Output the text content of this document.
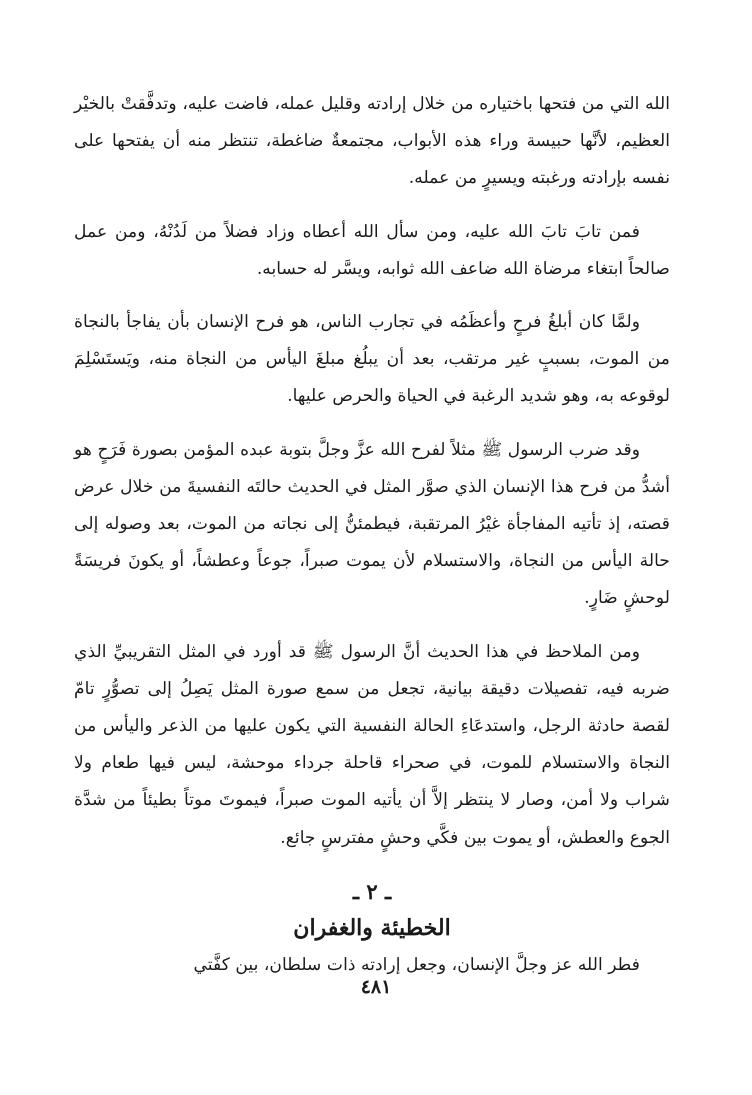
الله التي من فتحها باختياره من خلال إرادته وقليل عمله، فاضت عليه، وتدفَّقتْ بالخيْر العظيم، لأنَّها حبيسة وراء هذه الأبواب، مجتمعةٌ ضاغطة، تنتظر منه أن يفتحها على نفسه بإرادته ورغبته ويسيرٍ من عمله.

فمن تابَ تابَ الله عليه، ومن سأل الله أعطاه وزاد فضلاً من لَدُنْهُ، ومن عمل صالحاً ابتغاء مرضاة الله ضاعف الله ثوابه، ويسَّر له حسابه.

ولمَّا كان أبلغُ فرحٍ وأعظَمُه في تجارب الناس، هو فرح الإنسان بأن يفاجأ بالنجاة من الموت، بسببٍ غير مرتقب، بعد أن يبلُغ مبلغَ اليأس من النجاة منه، ويَستَسْلِمَ لوقوعه به، وهو شديد الرغبة في الحياة والحرص عليها.

وقد ضرب الرسول ﷺ مثلاً لفرح الله عزَّ وجلَّ بتوبة عبده المؤمن بصورة فَرَحٍ هو أشدُّ من فرح هذا الإنسان الذي صوَّر المثل في الحديث حالتَه النفسيةَ من خلال عرض قصته، إذ تأتيه المفاجأة غيْرُ المرتقبة، فيطمئنُّ إلى نجاته من الموت، بعد وصوله إلى حالة اليأس من النجاة، والاستسلام لأن يموت صبراً، جوعاً وعطشاً، أو يكونَ فريسَةً لوحشٍ ضَارٍ.

ومن الملاحظ في هذا الحديث أنَّ الرسول ﷺ قد أورد في المثل التقريبيِّ الذي ضربه فيه، تفصيلات دقيقة بيانية، تجعل من سمع صورة المثل يَصِلُ إلى تصوُّرٍ تامّ لقصة حادثة الرجل، واستدعَاءِ الحالة النفسية التي يكون عليها من الذعر واليأس من النجاة والاستسلام للموت، في صحراء قاحلة جرداء موحشة، ليس فيها طعام ولا شراب ولا أمن، وصار لا ينتظر إلاَّ أن يأتيه الموت صبراً، فيموتَ موتاً بطيئاً من شدَّة الجوع والعطش، أو يموت بين فكَّي وحشٍ مفترسٍ جائع.

ـ ٢ ـ
الخطيئة والغفران

فطر الله عز وجلَّ الإنسان، وجعل إرادته ذات سلطان، بين كفَّتي

٤٨١
